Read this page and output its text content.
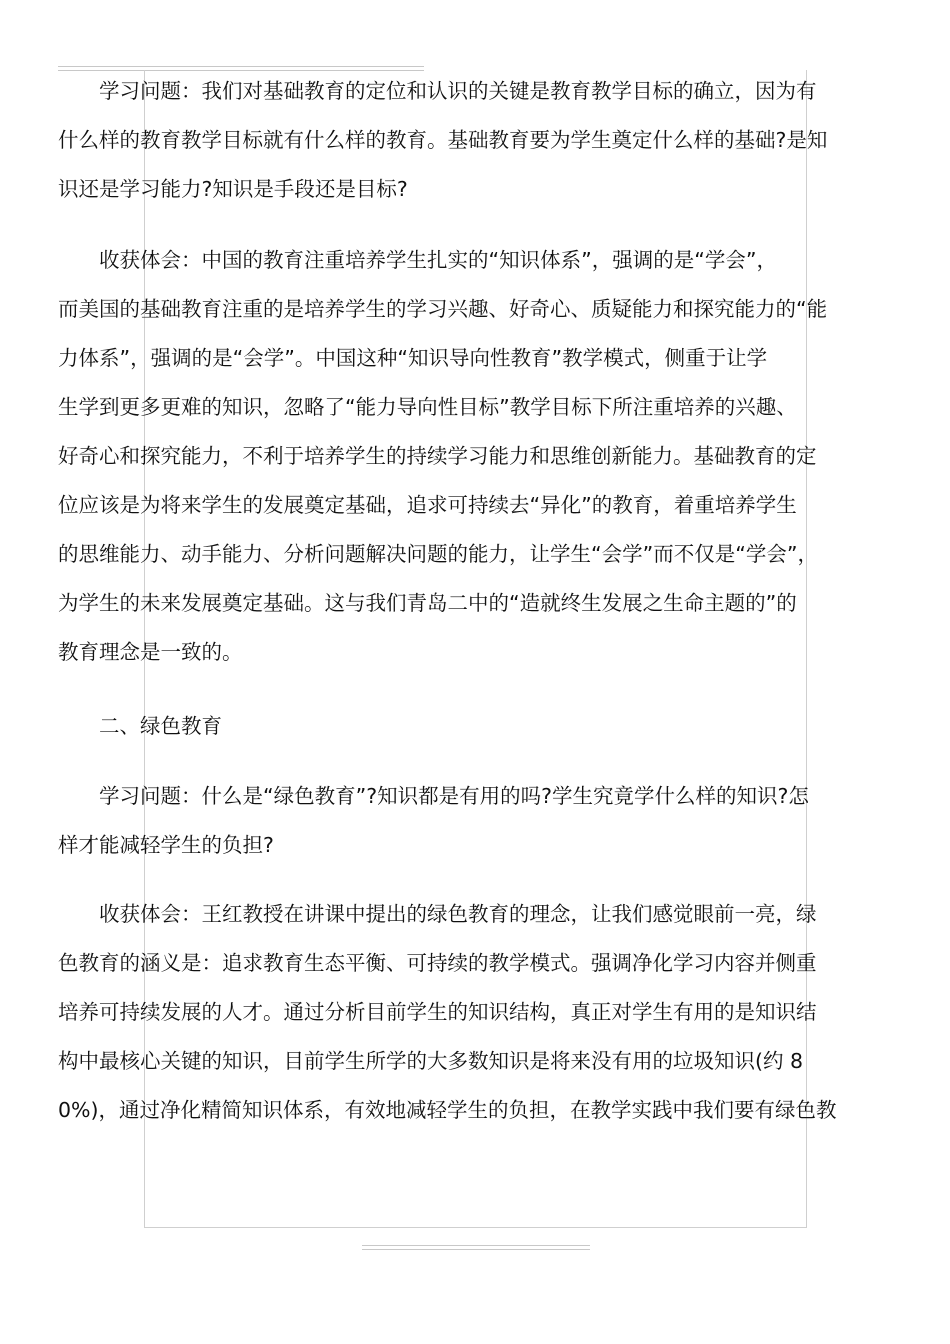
　　学习问题：我们对基础教育的定位和认识的关键是教育教学目标的确立，因为有
什么样的教育教学目标就有什么样的教育。基础教育要为学生奠定什么样的基础?是知
识还是学习能力?知识是手段还是目标?
　　收获体会：中国的教育注重培养学生扎实的“知识体系”，强调的是“学会”，
而美国的基础教育注重的是培养学生的学习兴趣、好奇心、质疑能力和探究能力的“能
力体系”，强调的是“会学”。中国这种“知识导向性教育”教学模式，侧重于让学
生学到更多更难的知识，忽略了“能力导向性目标”教学目标下所注重培养的兴趣、
好奇心和探究能力，不利于培养学生的持续学习能力和思维创新能力。基础教育的定
位应该是为将来学生的发展奠定基础，追求可持续去“异化”的教育，着重培养学生
的思维能力、动手能力、分析问题解决问题的能力，让学生“会学”而不仅是“学会”，
为学生的未来发展奠定基础。这与我们青岛二中的“造就终生发展之生命主题的”的
教育理念是一致的。
　　二、绿色教育
　　学习问题：什么是“绿色教育”?知识都是有用的吗?学生究竟学什么样的知识?怎
样才能减轻学生的负担?
　　收获体会：王红教授在讲课中提出的绿色教育的理念，让我们感觉眼前一亮，绿
色教育的涵义是：追求教育生态平衡、可持续的教学模式。强调净化学习内容并侧重
培养可持续发展的人才。通过分析目前学生的知识结构，真正对学生有用的是知识结
构中最核心关键的知识，目前学生所学的大多数知识是将来没有用的垃圾知识(约 8
0%)，通过净化精简知识体系，有效地减轻学生的负担，在教学实践中我们要有绿色教
